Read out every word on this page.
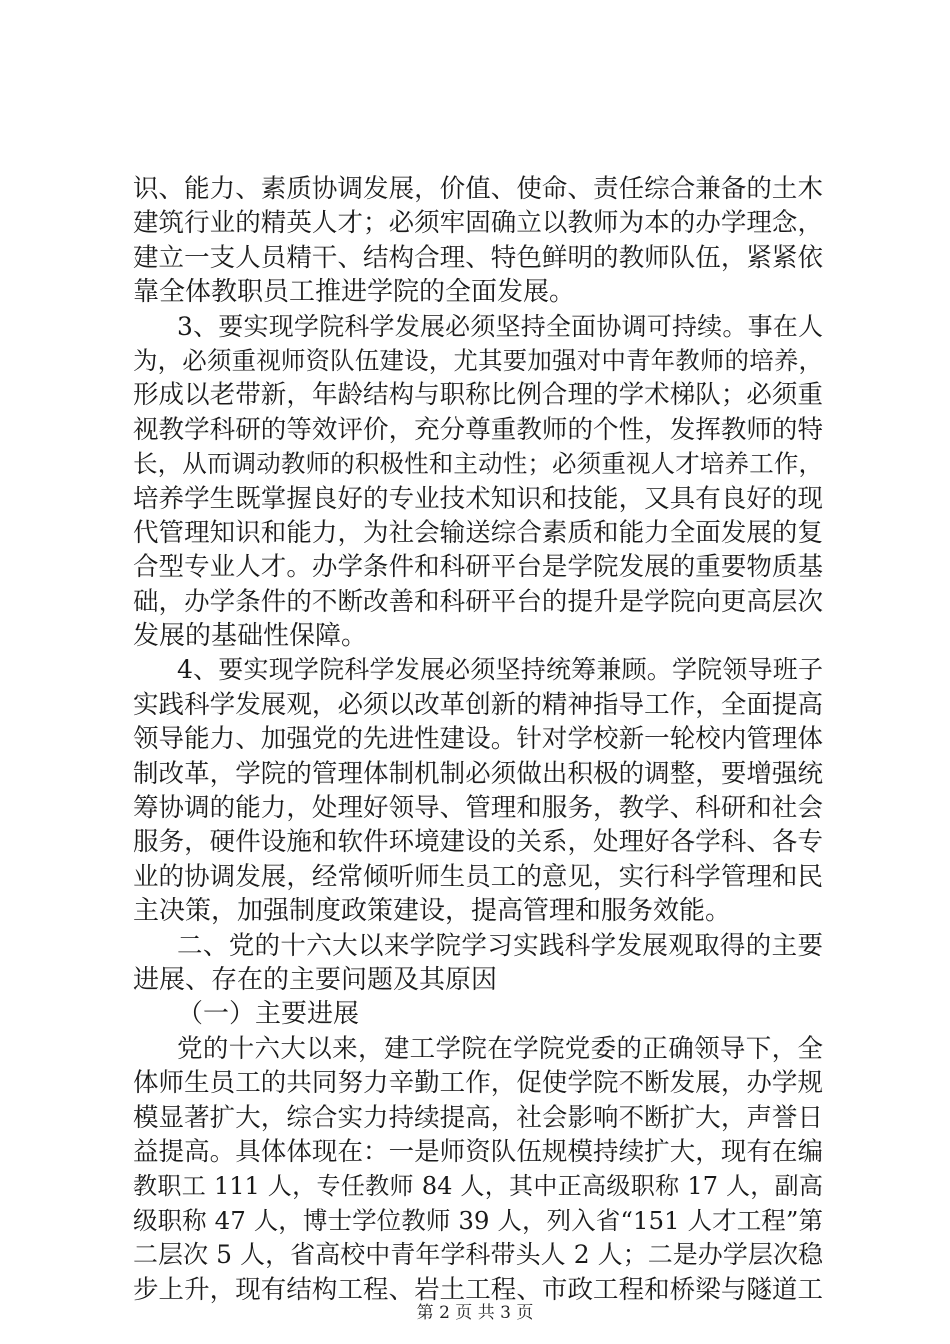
识、能力、素质协调发展，价值、使命、责任综合兼备的土木
建筑行业的精英人才；必须牢固确立以教师为本的办学理念，
建立一支人员精干、结构合理、特色鲜明的教师队伍，紧紧依
靠全体教职员工推进学院的全面发展。
3、要实现学院科学发展必须坚持全面协调可持续。事在人
为，必须重视师资队伍建设，尤其要加强对中青年教师的培养，
形成以老带新，年龄结构与职称比例合理的学术梯队；必须重
视教学科研的等效评价，充分尊重教师的个性，发挥教师的特
长，从而调动教师的积极性和主动性；必须重视人才培养工作，
培养学生既掌握良好的专业技术知识和技能，又具有良好的现
代管理知识和能力，为社会输送综合素质和能力全面发展的复
合型专业人才。办学条件和科研平台是学院发展的重要物质基
础，办学条件的不断改善和科研平台的提升是学院向更高层次
发展的基础性保障。
4、要实现学院科学发展必须坚持统筹兼顾。学院领导班子
实践科学发展观，必须以改革创新的精神指导工作，全面提高
领导能力、加强党的先进性建设。针对学校新一轮校内管理体
制改革，学院的管理体制机制必须做出积极的调整，要增强统
筹协调的能力，处理好领导、管理和服务，教学、科研和社会
服务，硬件设施和软件环境建设的关系，处理好各学科、各专
业的协调发展，经常倾听师生员工的意见，实行科学管理和民
主决策，加强制度政策建设，提高管理和服务效能。
二、党的十六大以来学院学习实践科学发展观取得的主要
进展、存在的主要问题及其原因
（一）主要进展
党的十六大以来，建工学院在学院党委的正确领导下，全
体师生员工的共同努力辛勤工作，促使学院不断发展，办学规
模显著扩大，综合实力持续提高，社会影响不断扩大，声誉日
益提高。具体体现在：一是师资队伍规模持续扩大，现有在编
教职工 111 人，专任教师 84 人，其中正高级职称 17 人，副高
级职称 47 人，博士学位教师 39 人，列入省“151 人才工程”第
二层次 5 人，省高校中青年学科带头人 2 人；二是办学层次稳
步上升，现有结构工程、岩土工程、市政工程和桥梁与隧道工
第 2 页 共 3 页
